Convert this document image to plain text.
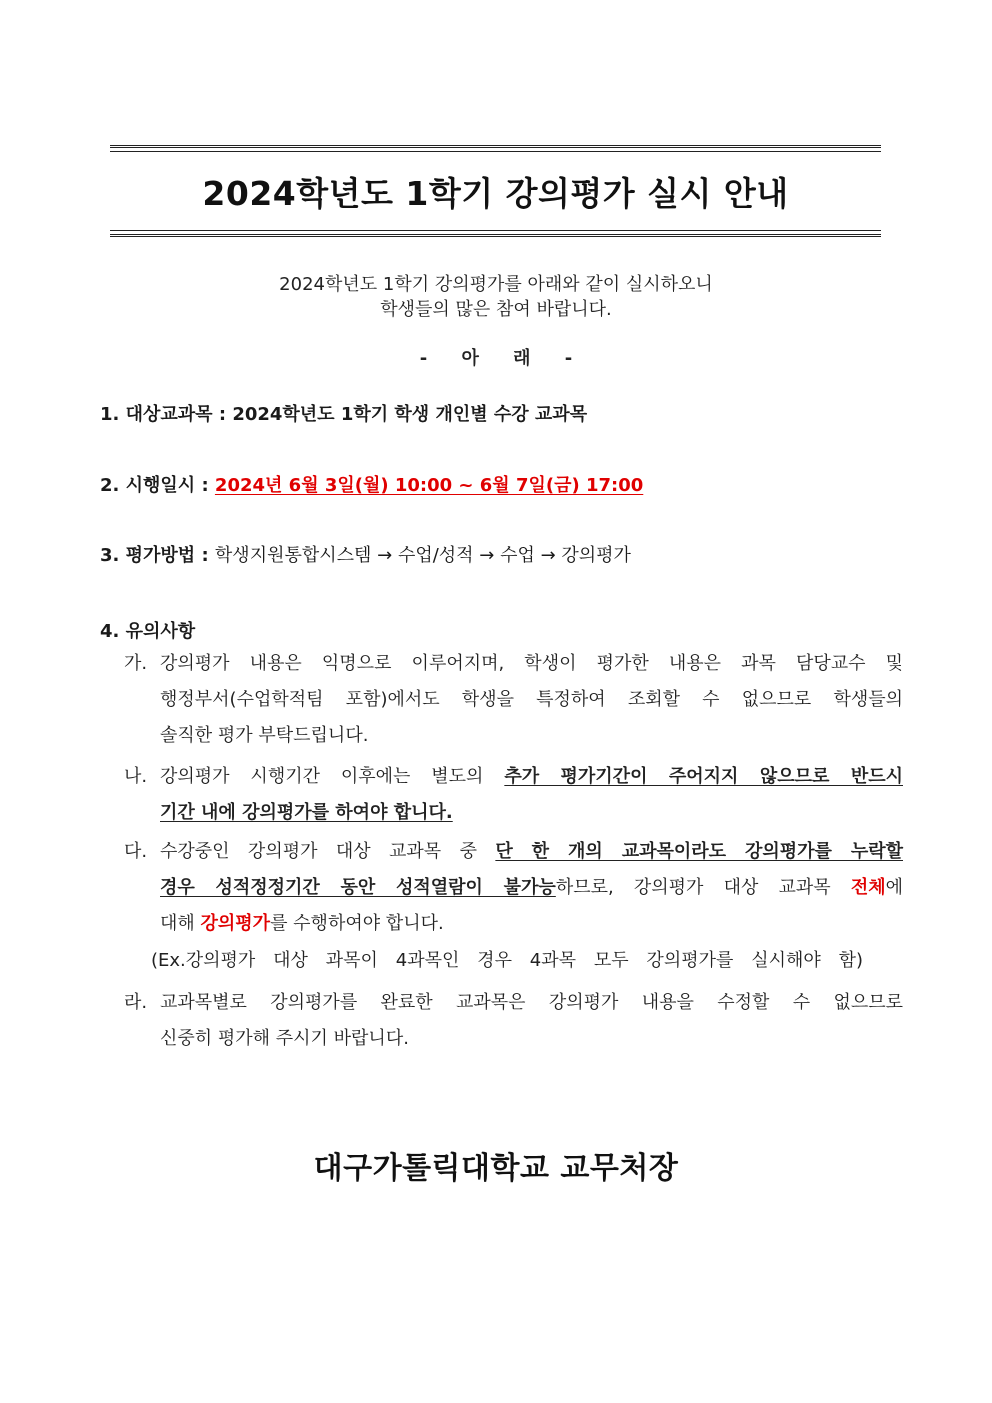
2024학년도 1학기 강의평가 실시 안내
2024학년도 1학기 강의평가를 아래와 같이 실시하오니
학생들의 많은 참여 바랍니다.
- 아 래 -
1. 대상교과목 : 2024학년도 1학기 학생 개인별 수강 교과목
2. 시행일시 : 2024년 6월 3일(월) 10:00 ~ 6월 7일(금) 17:00
3. 평가방법 : 학생지원통합시스템 → 수업/성적 → 수업 → 강의평가
4. 유의사항
가. 강의평가 내용은 익명으로 이루어지며, 학생이 평가한 내용은 과목 담당교수 및
행정부서(수업학적팀 포함)에서도 학생을 특정하여 조회할 수 없으므로 학생들의
솔직한 평가 부탁드립니다.
나. 강의평가 시행기간 이후에는 별도의 추가 평가기간이 주어지지 않으므로 반드시
기간 내에 강의평가를 하여야 합니다.
다. 수강중인 강의평가 대상 교과목 중 단 한 개의 교과목이라도 강의평가를 누락할
경우 성적정정기간 동안 성적열람이 불가능하므로, 강의평가 대상 교과목 전체에
대해 강의평가를 수행하여야 합니다.
(Ex.강의평가 대상 과목이 4과목인 경우 4과목 모두 강의평가를 실시해야 함)
라. 교과목별로 강의평가를 완료한 교과목은 강의평가 내용을 수정할 수 없으므로
신중히 평가해 주시기 바랍니다.
대구가톨릭대학교 교무처장
